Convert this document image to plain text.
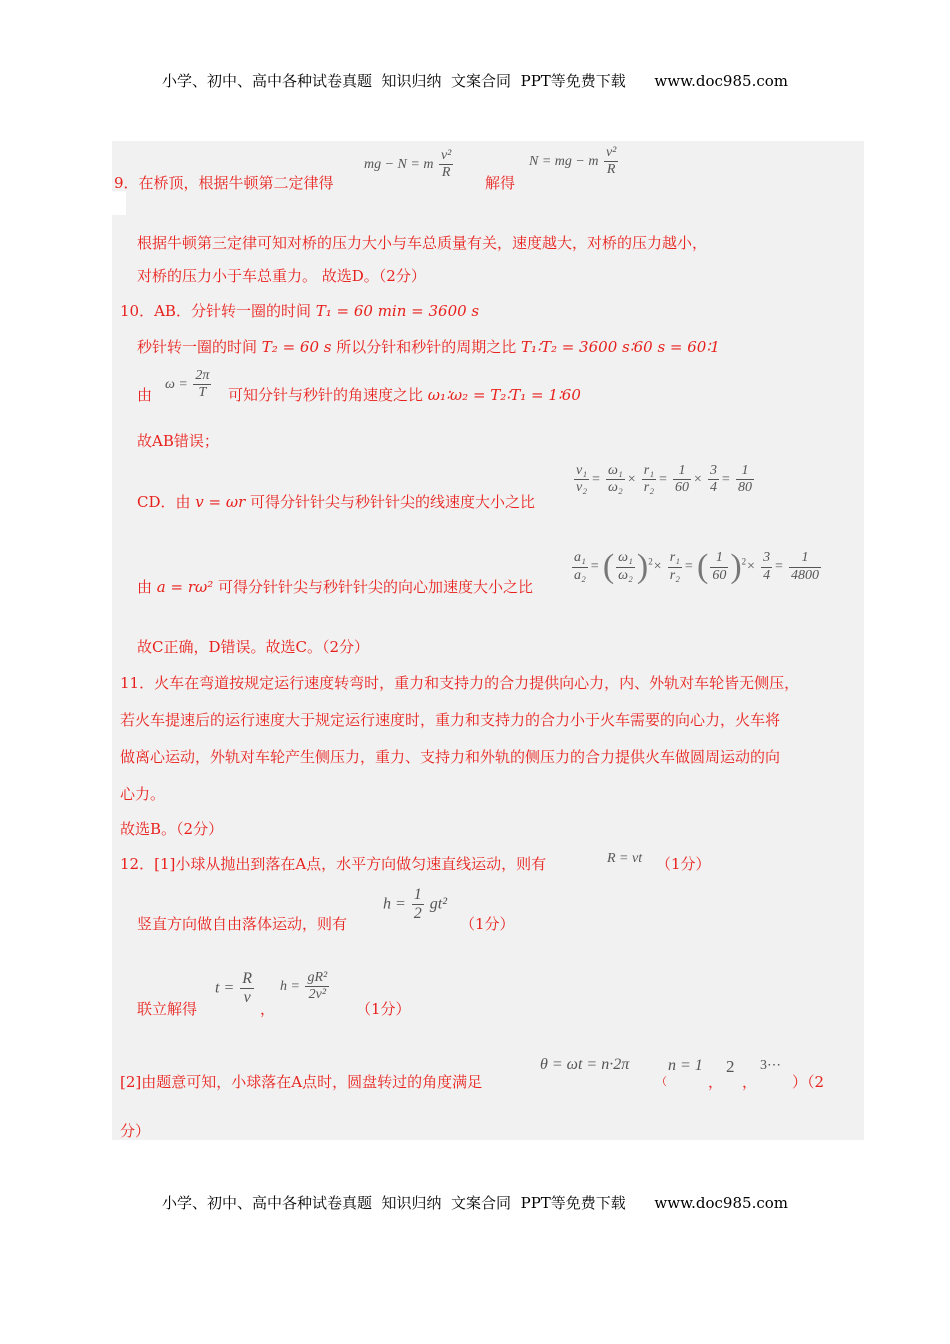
小学、初中、高中各种试卷真题  知识归纳  文案合同  PPT等免费下载      www.doc985.com
9．在桥顶，根据牛顿第二定律得
mg − N = m $\frac{\text{v²}}{R}$
解得
N = mg − m $\frac{\text{v²}}{R}$
根据牛顿第三定律可知对桥的压力大小与车总质量有关，速度越大，对桥的压力越小，
对桥的压力小于车总重力。 故选D。（2分）
10．AB．分针转一圈的时间 T₁ = 60 min = 3600 s
秒针转一圈的时间 T₂ = 60 s 所以分针和秒针的周期之比 T₁∶T₂ = 3600 s∶60 s = 60∶1
由
$\omega = \frac{2\pi}{T}$ 可知分针与秒针的角速度之比 ω₁∶ω₂ = T₂∶T₁ = 1∶60
故AB错误；
CD．由 v = ωr 可得分针针尖与秒针针尖的线速度大小之比
$\frac{\text{v₁}}{\text{v₂}} = \frac{\text{ω₁}}{\text{ω₂}} \times \frac{\text{r₁}}{\text{r₂}} = \frac{1}{60} \times \frac{3}{4} = \frac{1}{80}$
由 a = rω² 可得分针针尖与秒针针尖的向心加速度大小之比
$\frac{\text{a₁}}{\text{a₂}}$ = ( $\frac{\text{ω₁}}{\text{ω₂}} )^2\times \frac{\text{r₁}}{\text{r₂}}$ = ( $\frac{1}{60} )^2\times \frac{3}{4} = \frac{1}{4800}$
故C正确，D错误。故选C。（2分）
11．火车在弯道按规定运行速度转弯时，重力和支持力的合力提供向心力，内、外轨对车轮皆无侧压，
若火车提速后的运行速度大于规定运行速度时，重力和支持力的合力小于火车需要的向心力，火车将
做离心运动，外轨对车轮产生侧压力，重力、支持力和外轨的侧压力的合力提供火车做圆周运动的向
心力。
故选B。（2分）
12．[1]小球从抛出到落在A点，水平方向做匀速直线运动，则有	R = vt （1分）
竖直方向做自由落体运动，则有
$h = \frac{1}{2} gt^2$
（1分）
联立解得
$t = \frac{R}{v}$
，
$h = \frac{\text{gR²}}{\text{2v²}}$
（1分）
[2]由题意可知，小球落在A点时，圆盘转过的角度满足
θ = ωt = n·2π
（
n = 1
，
2
，
3⋯
）（2
分）
小学、初中、高中各种试卷真题  知识归纳  文案合同  PPT等免费下载      www.doc985.com
